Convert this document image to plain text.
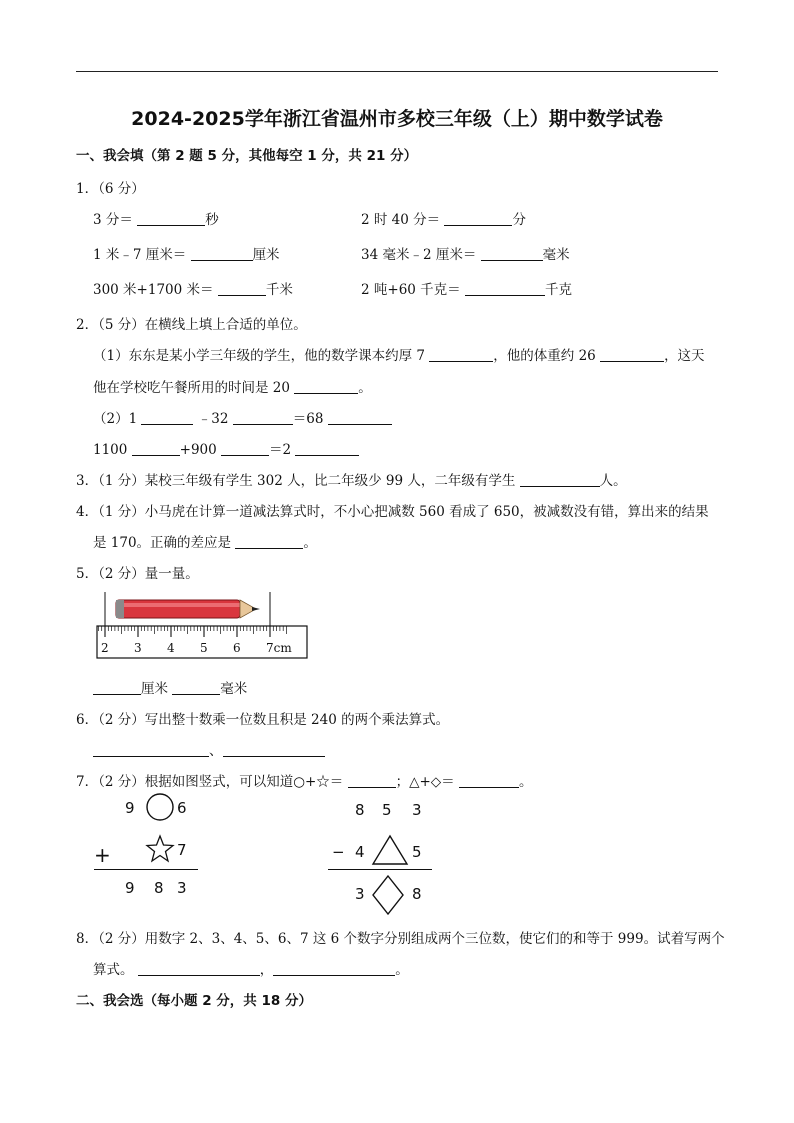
2024-2025学年浙江省温州市多校三年级（上）期中数学试卷
一、我会填（第 2 题 5 分，其他每空 1 分，共 21 分）
1．（6 分）
3 分＝	秒	2 时 40 分＝	分
1 米﹣7 厘米＝	厘米	34 毫米﹣2 厘米＝	毫米
300 米+1700 米＝	千米	2 吨+60 千克＝	千克
2．（5 分）在横线上填上合适的单位。
（1）东东是某小学三年级的学生，他的数学课本约厚 7	，他的体重约 26	，这天
他在学校吃午餐所用的时间是 20	。
（2）1	﹣32	＝68
1100	+900	＝2
3．（1 分）某校三年级有学生 302 人，比二年级少 99 人，二年级有学生	人。
4．（1 分）小马虎在计算一道减法算式时，不小心把减数 560 看成了 650，被减数没有错，算出来的结果
是 170。正确的差应是	。
5．（2 分）量一量。
2 3 4 5 6 7cm
厘米	毫米
6．（2 分）写出整十数乘一位数且积是 240 的两个乘法算式。
、
7．（2 分）根据如图竖式，可以知道○+☆＝	；△+◇＝	。
9	6
+	7
9 8 3
8 5 3
− 4	5
3	8
8．（2 分）用数字 2、3、4、5、6、7 这 6 个数字分别组成两个三位数，使它们的和等于 999。试着写两个
算式。	，	。
二、我会选（每小题 2 分，共 18 分）
